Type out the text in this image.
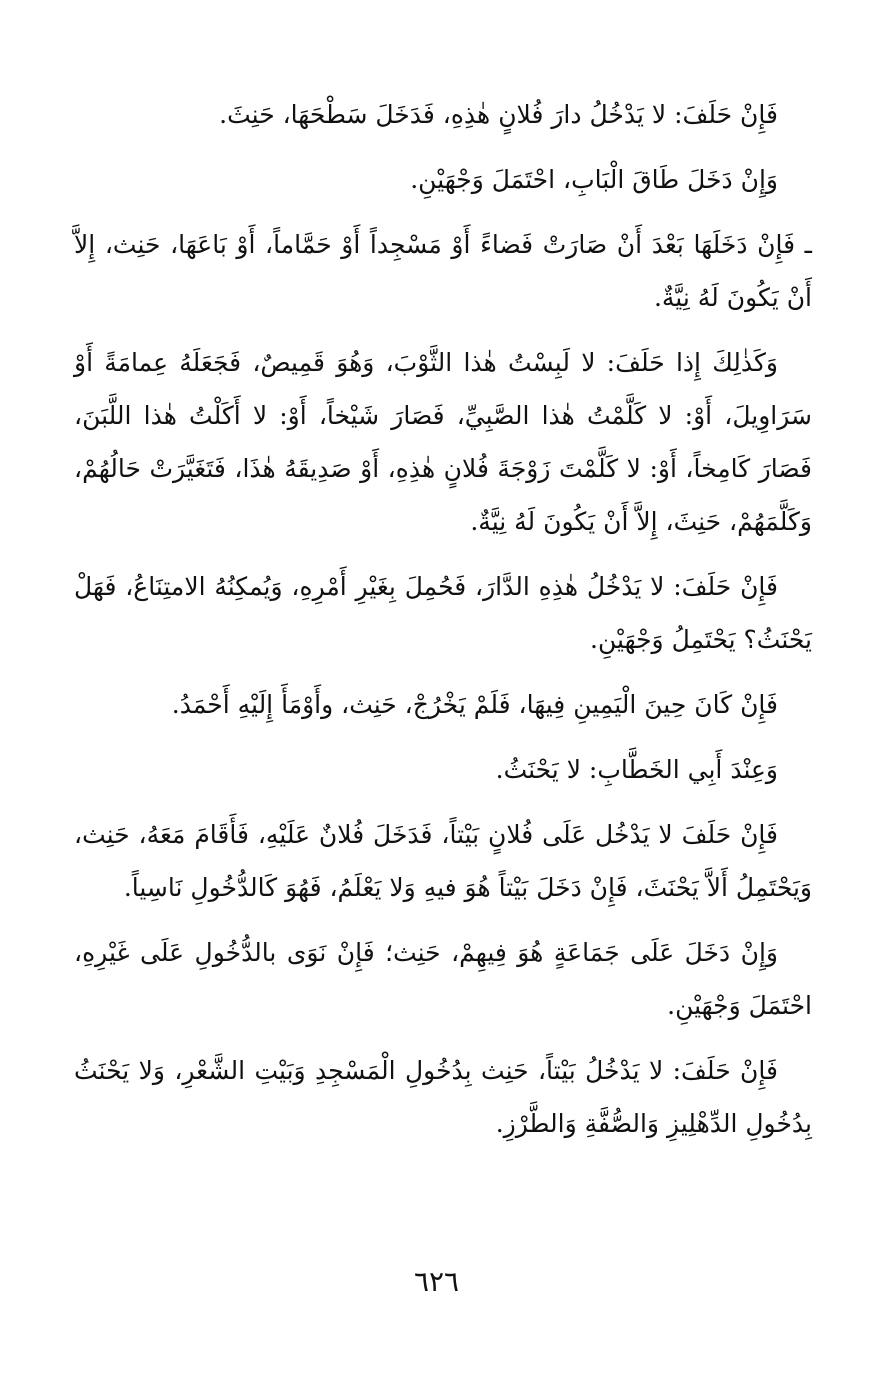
فَإِنْ حَلَفَ: لا يَدْخُلُ دارَ فُلانٍ هٰذِهِ، فَدَخَلَ سَطْحَهَا، حَنِثَ.

وَإِنْ دَخَلَ طَاقَ الْبَابِ، احْتَمَلَ وَجْهَيْنِ.

ـ فَإِنْ دَخَلَهَا بَعْدَ أَنْ صَارَتْ فَضاءً أَوْ مَسْجِداً أَوْ حَمَّاماً، أَوْ بَاعَهَا، حَنِث، إِلاَّ أَنْ يَكُونَ لَهُ نِيَّةٌ.

وَكَذٰلِكَ إِذا حَلَفَ: لا لَبِسْتُ هٰذا الثَّوْبَ، وَهُوَ قَمِيصٌ، فَجَعَلَهُ عِمامَةً أَوْ سَرَاوِيلَ، أَوْ: لا كَلَّمْتُ هٰذا الصَّبِيِّ، فَصَارَ شَيْخاً، أَوْ: لا أَكَلْتُ هٰذا اللَّبَنَ، فَصَارَ كَامِخاً، أَوْ: لا كَلَّمْتَ زَوْجَةَ فُلانٍ هٰذِهِ، أَوْ صَدِيقَهُ هٰذَا، فَتَغَيَّرَتْ حَالُهُمْ، وَكَلَّمَهُمْ، حَنِثَ، إِلاَّ أَنْ يَكُونَ لَهُ نِيَّةٌ.

فَإِنْ حَلَفَ: لا يَدْخُلُ هٰذِهِ الدَّارَ، فَحُمِلَ بِغَيْرِ أَمْرِهِ، وَيُمكِنُهُ الامتِنَاعُ، فَهَلْ يَحْنَثُ؟ يَحْتَمِلُ وَجْهَيْنِ.

فَإِنْ كَانَ حِينَ الْيَمِينِ فِيهَا، فَلَمْ يَخْرُجْ، حَنِث، وأَوْمَأَ إِلَيْهِ أَحْمَدُ.

وَعِنْدَ أَبِي الخَطَّابِ: لا يَحْنَثُ.

فَإِنْ حَلَفَ لا يَدْخُل عَلَى فُلانٍ بَيْتاً، فَدَخَلَ فُلانٌ عَلَيْهِ، فَأَقَامَ مَعَهُ، حَنِث، وَيَحْتَمِلُ أَلاَّ يَحْنَثَ، فَإِنْ دَخَلَ بَيْتاً هُوَ فيهِ وَلا يَعْلَمُ، فَهُوَ كَالدُّخُولِ نَاسِياً.

وَإِنْ دَخَلَ عَلَى جَمَاعَةٍ هُوَ فِيهِمْ، حَنِث؛ فَإِنْ نَوَى بالدُّخُولِ عَلَى غَيْرِهِ، احْتَمَلَ وَجْهَيْنِ.

فَإِنْ حَلَفَ: لا يَدْخُلُ بَيْتاً، حَنِث بِدُخُولِ الْمَسْجِدِ وَبَيْتِ الشَّعْرِ، وَلا يَحْنَثُ بِدُخُولِ الدِّهْلِيزِ وَالصُّفَّةِ وَالطَّرْزِ.

٦٢٦
